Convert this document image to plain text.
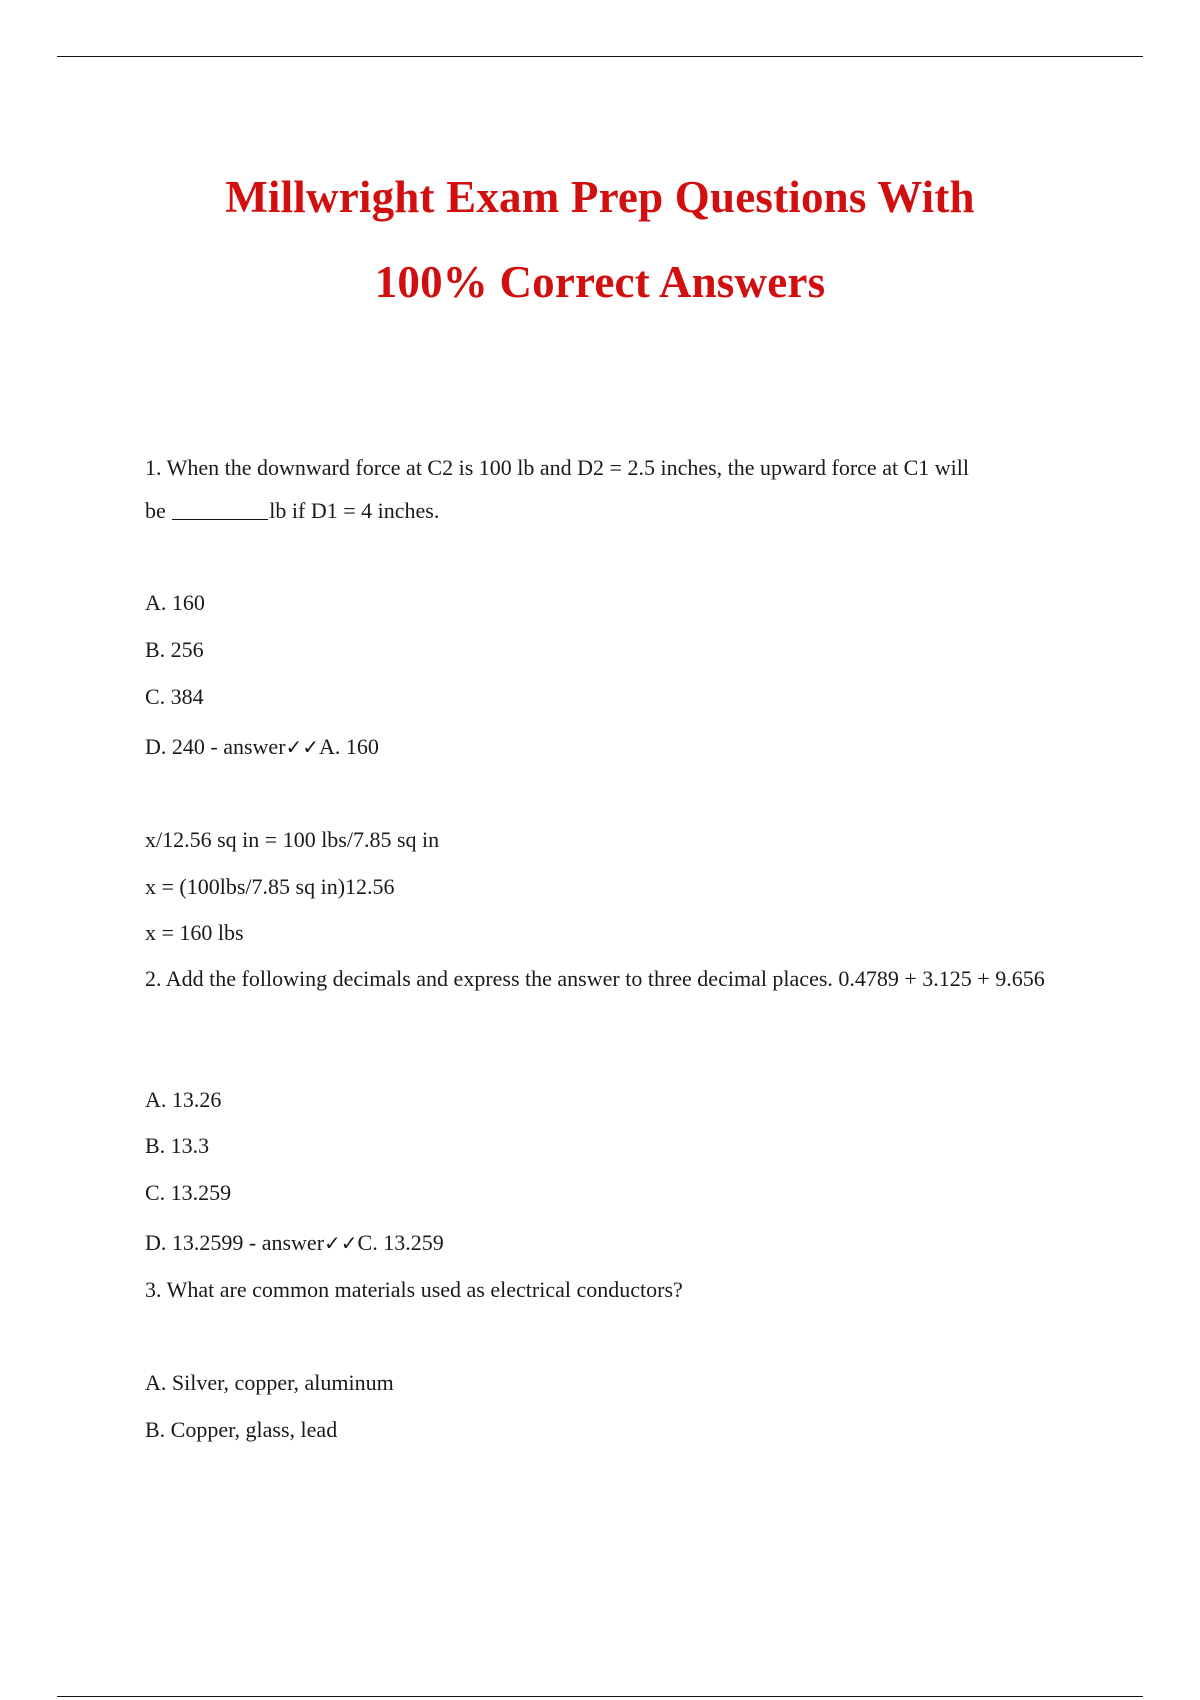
Millwright Exam Prep Questions With
100% Correct Answers
1. When the downward force at C2 is 100 lb and D2 = 2.5 inches, the upward force at C1 will
be	lb if D1 = 4 inches.
A. 160
B. 256
C. 384
D. 240 - answer✓✓A. 160
x/12.56 sq in = 100 lbs/7.85 sq in
x = (100lbs/7.85 sq in)12.56
x = 160 lbs
2. Add the following decimals and express the answer to three decimal places. 0.4789 + 3.125 + 9.656
A. 13.26
B. 13.3
C. 13.259
D. 13.2599 - answer✓✓C. 13.259
3. What are common materials used as electrical conductors?
A. Silver, copper, aluminum
B. Copper, glass, lead
